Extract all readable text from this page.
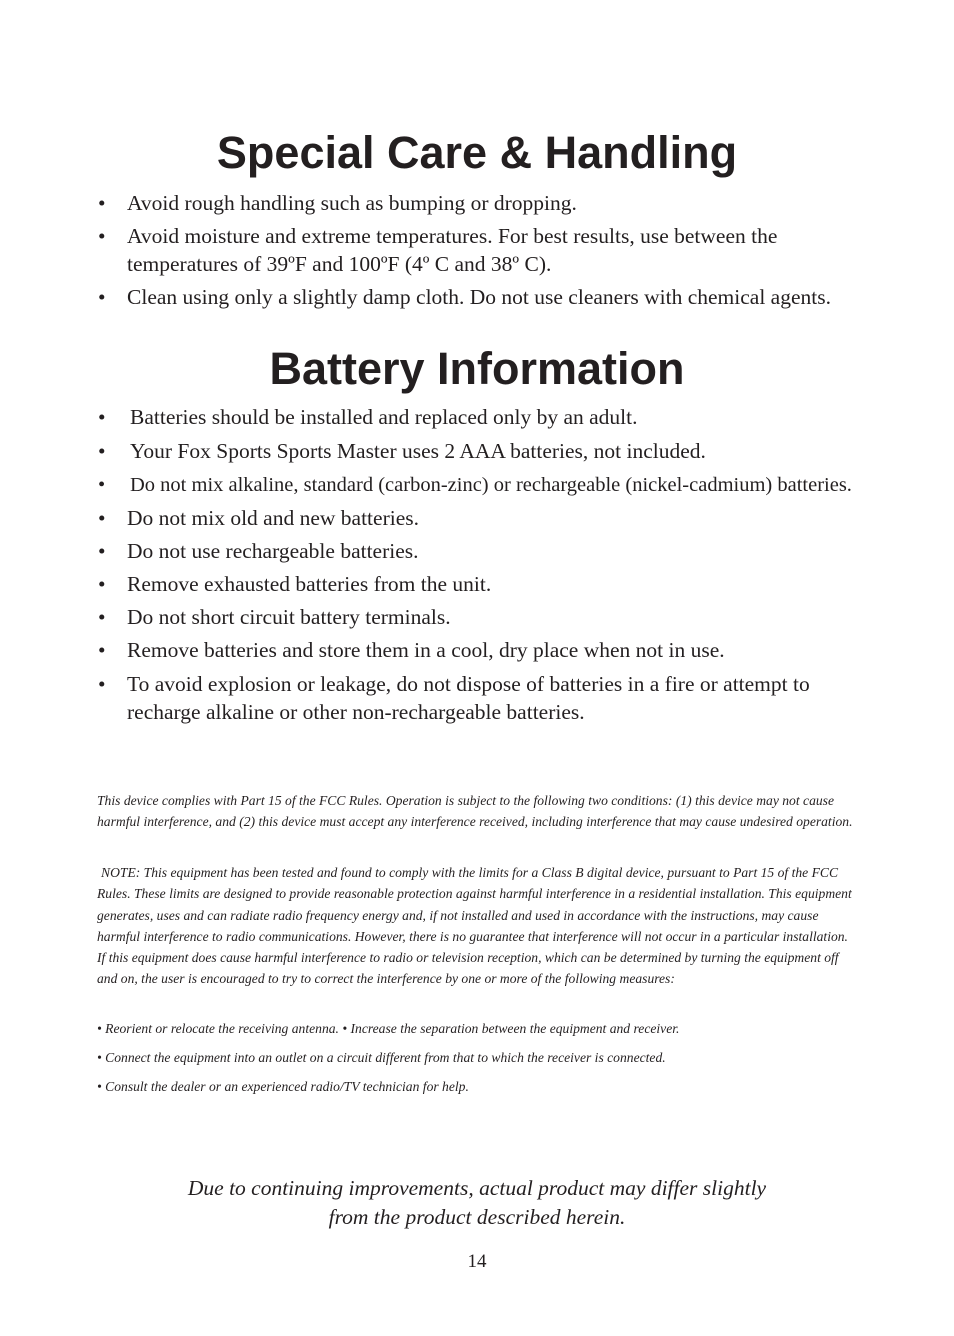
Special Care & Handling
• Avoid rough handling such as bumping or dropping.
• Avoid moisture and extreme temperatures. For best results, use between the temperatures of 39ºF and 100ºF (4º C and 38º C).
• Clean using only a slightly damp cloth. Do not use cleaners with chemical agents.
Battery Information
• Batteries should be installed and replaced only by an adult.
• Your Fox Sports Sports Master uses 2 AAA batteries, not included.
• Do not mix alkaline, standard (carbon-zinc) or rechargeable (nickel-cadmium) batteries.
• Do not mix old and new batteries.
• Do not use rechargeable batteries.
• Remove exhausted batteries from the unit.
• Do not short circuit battery terminals.
• Remove batteries and store them in a cool, dry place when not in use.
• To avoid explosion or leakage, do not dispose of batteries in a fire or attempt to recharge alkaline or other non-rechargeable batteries.

This device complies with Part 15 of the FCC Rules. Operation is subject to the following two conditions: (1) this device may not cause harmful interference, and (2) this device must accept any interference received, including interference that may cause undesired operation.

NOTE: This equipment has been tested and found to comply with the limits for a Class B digital device, pursuant to Part 15 of the FCC Rules. These limits are designed to provide reasonable protection against harmful interference in a residential installation. This equipment generates, uses and can radiate radio frequency energy and, if not installed and used in accordance with the instructions, may cause harmful interference to radio communications. However, there is no guarantee that interference will not occur in a particular installation. If this equipment does cause harmful interference to radio or television reception, which can be determined by turning the equipment off and on, the user is encouraged to try to correct the interference by one or more of the following measures:

• Reorient or relocate the receiving antenna. • Increase the separation between the equipment and receiver.

• Connect the equipment into an outlet on a circuit different from that to which the receiver is connected.

• Consult the dealer or an experienced radio/TV technician for help.

Due to continuing improvements, actual product may differ slightly
from the product described herein.

14
